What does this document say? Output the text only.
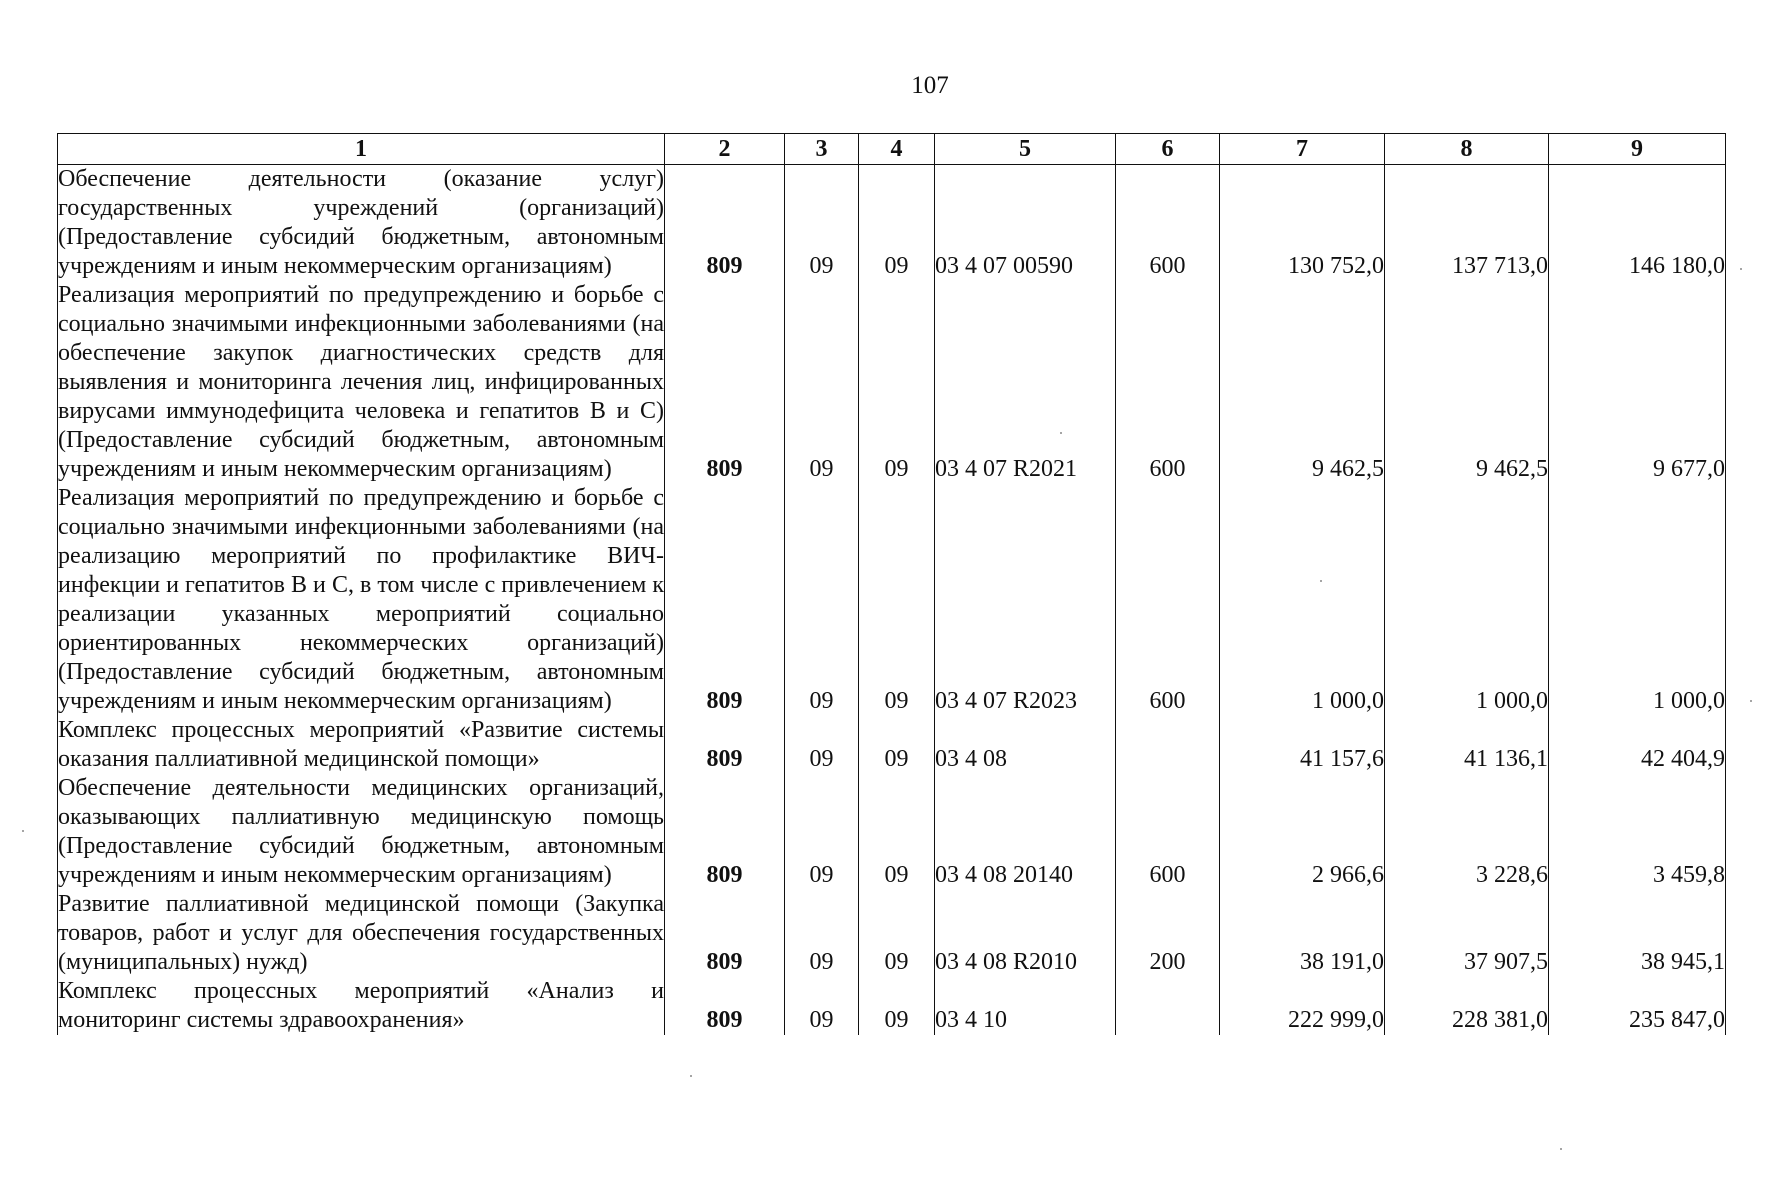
107
1	2	3	4	5	6	7	8	9
Обеспечение деятельности (оказание услуг) государственных учреждений (организаций) (Предоставление субсидий бюджетным, автономным учреждениям и иным некоммерческим организациям)	809	09	09	03 4 07 00590	600	130 752,0	137 713,0	146 180,0
Реализация мероприятий по предупреждению и борьбе с социально значимыми инфекционными заболеваниями (на обеспечение закупок диагностических средств для выявления и мониторинга лечения лиц, инфицированных вирусами иммунодефицита человека и гепатитов B и C) (Предоставление субсидий бюджетным, автономным учреждениям и иным некоммерческим организациям)	809	09	09	03 4 07 R2021	600	9 462,5	9 462,5	9 677,0
Реализация мероприятий по предупреждению и борьбе с социально значимыми инфекционными заболеваниями (на реализацию мероприятий по профилактике ВИЧ-инфекции и гепатитов B и C, в том числе с привлечением к реализации указанных мероприятий социально ориентированных некоммерческих организаций) (Предоставление субсидий бюджетным, автономным учреждениям и иным некоммерческим организациям)	809	09	09	03 4 07 R2023	600	1 000,0	1 000,0	1 000,0
Комплекс процессных мероприятий «Развитие системы оказания паллиативной медицинской помощи»	809	09	09	03 4 08		41 157,6	41 136,1	42 404,9
Обеспечение деятельности медицинских организаций, оказывающих паллиативную медицинскую помощь (Предоставление субсидий бюджетным, автономным учреждениям и иным некоммерческим организациям)	809	09	09	03 4 08 20140	600	2 966,6	3 228,6	3 459,8
Развитие паллиативной медицинской помощи (Закупка товаров, работ и услуг для обеспечения государственных (муниципальных) нужд)	809	09	09	03 4 08 R2010	200	38 191,0	37 907,5	38 945,1
Комплекс процессных мероприятий «Анализ и мониторинг системы здравоохранения»	809	09	09	03 4 10		222 999,0	228 381,0	235 847,0
